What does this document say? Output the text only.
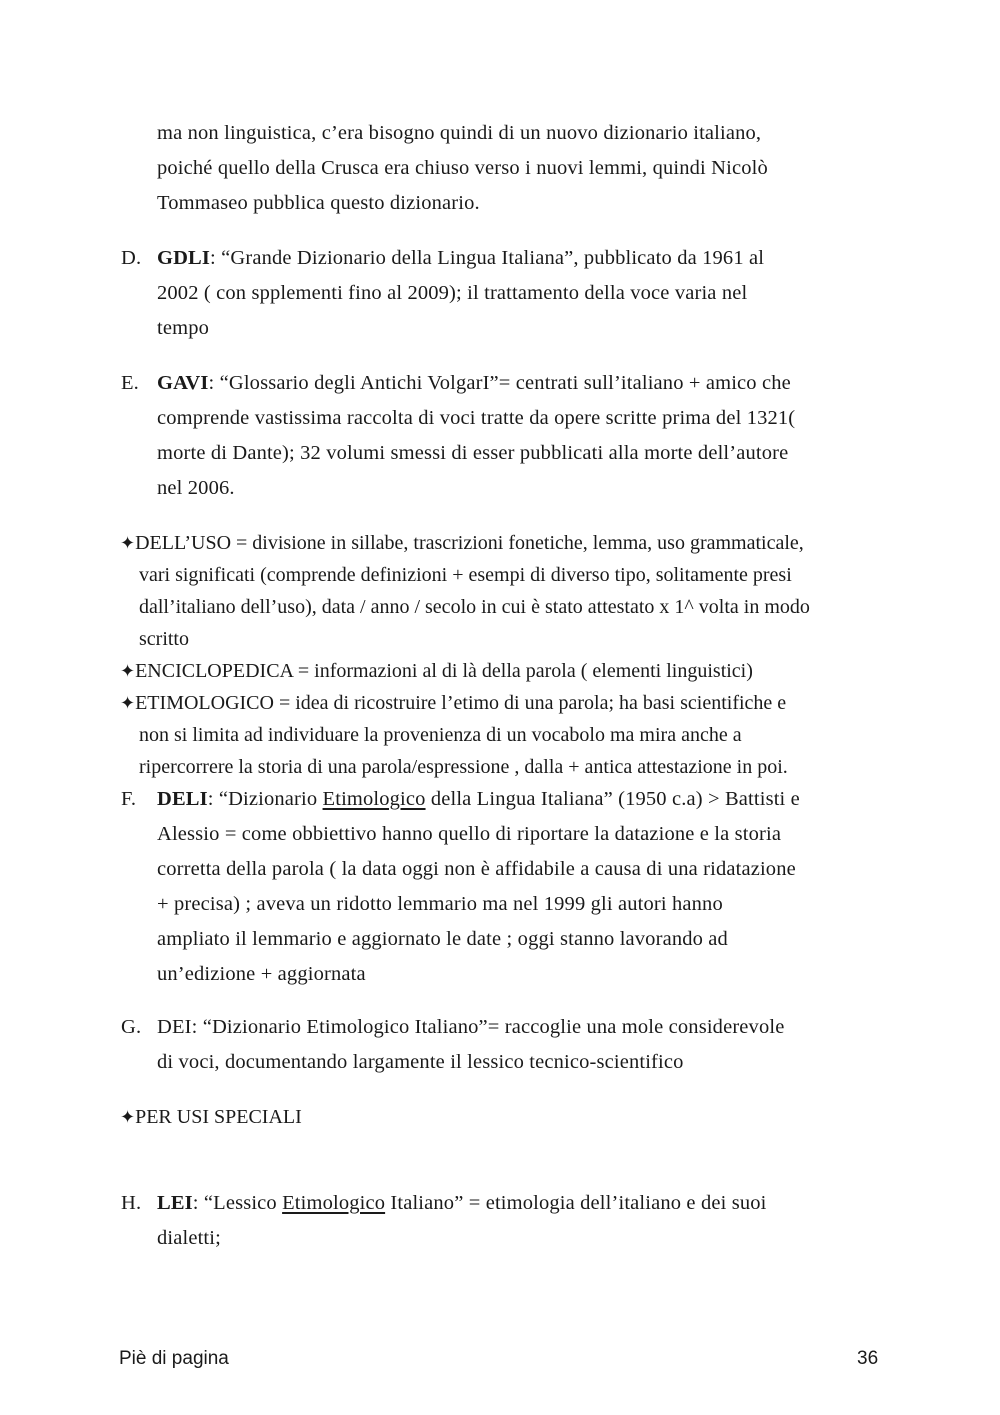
ma non linguistica, c’era bisogno quindi di un nuovo dizionario italiano,
poiché quello della Crusca era chiuso verso i nuovi lemmi, quindi Nicolò
Tommaseo pubblica questo dizionario.
D. GDLI: “Grande Dizionario della Lingua Italiana”, pubblicato da 1961 al
2002 ( con spplementi fino al 2009); il trattamento della voce varia nel
tempo
E. GAVI: “Glossario degli Antichi VolgarI”= centrati sull’italiano + amico che
comprende vastissima raccolta di voci tratte da opere scritte prima del 1321(
morte di Dante); 32 volumi smessi di esser pubblicati alla morte dell’autore
nel 2006.
✦DELL’USO = divisione in sillabe, trascrizioni fonetiche, lemma, uso grammaticale,
vari significati (comprende definizioni + esempi di diverso tipo, solitamente presi
dall’italiano dell’uso), data / anno / secolo in cui è stato attestato x 1^ volta in modo
scritto
✦ENCICLOPEDICA = informazioni al di là della parola ( elementi linguistici)
✦ETIMOLOGICO = idea di ricostruire l’etimo di una parola; ha basi scientifiche e
non si limita ad individuare la provenienza di un vocabolo ma mira anche a
ripercorrere la storia di una parola/espressione , dalla + antica attestazione in poi.
F. DELI: “Dizionario Etimologico della Lingua Italiana” (1950 c.a) > Battisti e
Alessio = come obbiettivo hanno quello di riportare la datazione e la storia
corretta della parola ( la data oggi non è affidabile a causa di una ridatazione
+ precisa) ; aveva un ridotto lemmario ma nel 1999 gli autori hanno
ampliato il lemmario e aggiornato le date ; oggi stanno lavorando ad
un’edizione + aggiornata
G. DEI: “Dizionario Etimologico Italiano”= raccoglie una mole considerevole
di voci, documentando largamente il lessico tecnico-scientifico
✦PER USI SPECIALI
H. LEI: “Lessico Etimologico Italiano” = etimologia dell’italiano e dei suoi
dialetti;
Piè di pagina	36
